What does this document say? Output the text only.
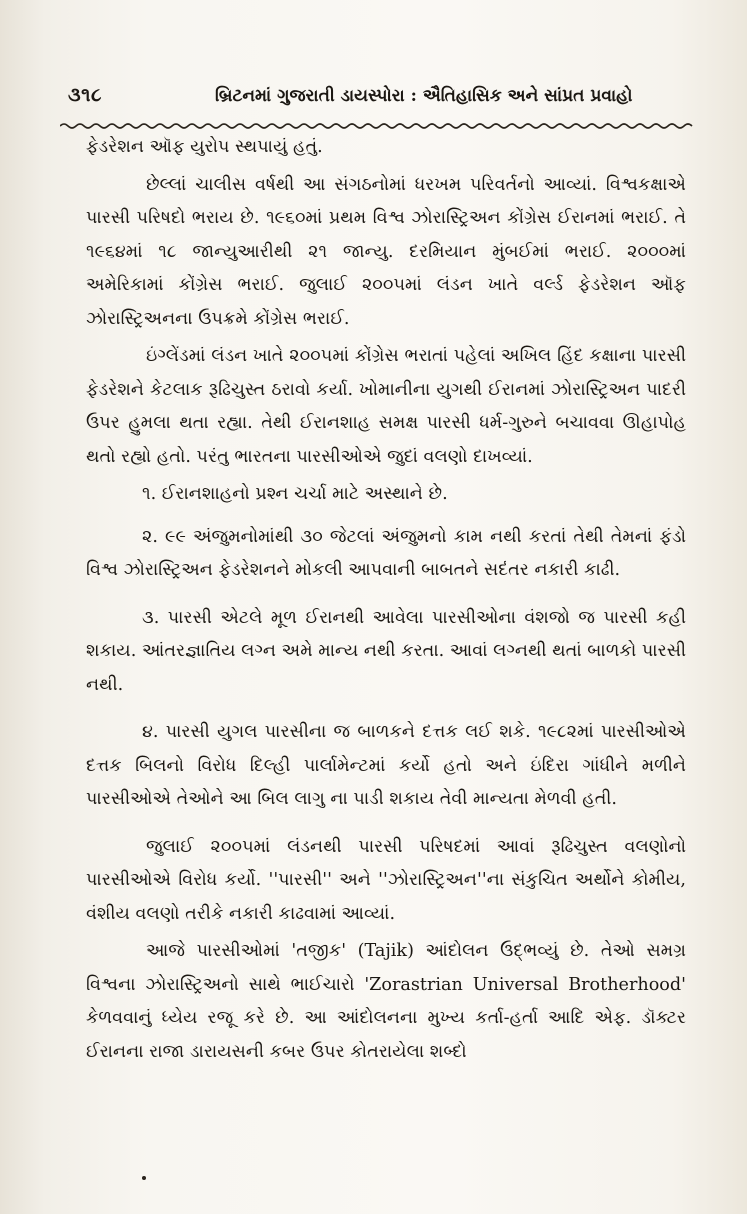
૩૧૮	બ્રિટનમાં ગુજરાતી ડાયસ્પોરા : ઐતિહાસિક અને સાંપ્રત પ્રવાહો

ફેડરેશન ઑફ યુરોપ સ્થપાયું હતું.

છેલ્લાં ચાલીસ વર્ષથી આ સંગઠનોમાં ધરખમ પરિવર્તનો આવ્યાં. વિશ્વકક્ષાએ પારસી પરિષદો ભરાય છે. ૧૯૬૦માં પ્રથમ વિશ્વ ઝોરાસ્ટ્રિઅન કોંગ્રેસ ઈરાનમાં ભરાઈ. તે ૧૯૬૪માં ૧૮ જાન્યુઆરીથી ૨૧ જાન્યુ. દરમિયાન મુંબઈમાં ભરાઈ. ૨૦૦૦માં અમેરિકામાં કોંગ્રેસ ભરાઈ. જુલાઈ ૨૦૦૫માં લંડન ખાતે વર્લ્ડ ફેડરેશન ઑફ ઝોરાસ્ટ્રિઅનના ઉપક્રમે કોંગ્રેસ ભરાઈ.

ઇંગ્લેંડમાં લંડન ખાતે ૨૦૦૫માં કોંગ્રેસ ભરાતાં પહેલાં અખિલ હિંદ કક્ષાના પારસી ફેડરેશને કેટલાક રૂઢિચુસ્ત ઠરાવો કર્યા. ખોમાનીના યુગથી ઈરાનમાં ઝોરાસ્ટ્રિઅન પાદરી ઉપર હુમલા થતા રહ્યા. તેથી ઈરાનશાહ સમક્ષ પારસી ધર્મ-ગુરુને બચાવવા ઊહાપોહ થતો રહ્યો હતો. પરંતુ ભારતના પારસીઓએ જુદાં વલણો દાખવ્યાં.

૧. ઈરાનશાહનો પ્રશ્ન ચર્ચા માટે અસ્થાને છે.

૨. ૯૯ અંજુમનોમાંથી ૩૦ જેટલાં અંજુમનો કામ નથી કરતાં તેથી તેમનાં ફંડો વિશ્વ ઝોરાસ્ટ્રિઅન ફેડરેશનને મોકલી આપવાની બાબતને સદંતર નકારી કાઢી.

૩. પારસી એટલે મૂળ ઈરાનથી આવેલા પારસીઓના વંશજો જ પારસી કહી શકાય. આંતરજ્ઞાતિય લગ્ન અમે માન્ય નથી કરતા. આવાં લગ્નથી થતાં બાળકો પારસી નથી.

૪. પારસી યુગલ પારસીના જ બાળકને દત્તક લઈ શકે. ૧૯૮૨માં પારસીઓએ દત્તક બિલનો વિરોધ દિલ્હી પાર્લામેન્ટમાં કર્યો હતો અને ઇંદિરા ગાંધીને મળીને પારસીઓએ તેઓને આ બિલ લાગુ ના પાડી શકાય તેવી માન્યતા મેળવી હતી.

જુલાઈ ૨૦૦૫માં લંડનથી પારસી પરિષદમાં આવાં રૂઢિચુસ્ત વલણોનો પારસીઓએ વિરોધ કર્યો. ''પારસી'' અને ''ઝોરાસ્ટ્રિઅન''ના સંકુચિત અર્થોને કોમીય, વંશીય વલણો તરીકે નકારી કાઢવામાં આવ્યાં.

આજે પારસીઓમાં 'તજીક' (Tajik) આંદોલન ઉદ્ભવ્યું છે. તેઓ સમગ્ર વિશ્વના ઝોરાસ્ટ્રિઅનો સાથે ભાઈચારો 'Zorastrian Universal Brotherhood' કેળવવાનું ધ્યેય રજૂ કરે છે. આ આંદોલનના મુખ્ય કર્તા-હર્તા આદિ એફ. ડૉક્ટર ઈરાનના રાજા ડારાયસની કબર ઉપર કોતરાયેલા શબ્દો
